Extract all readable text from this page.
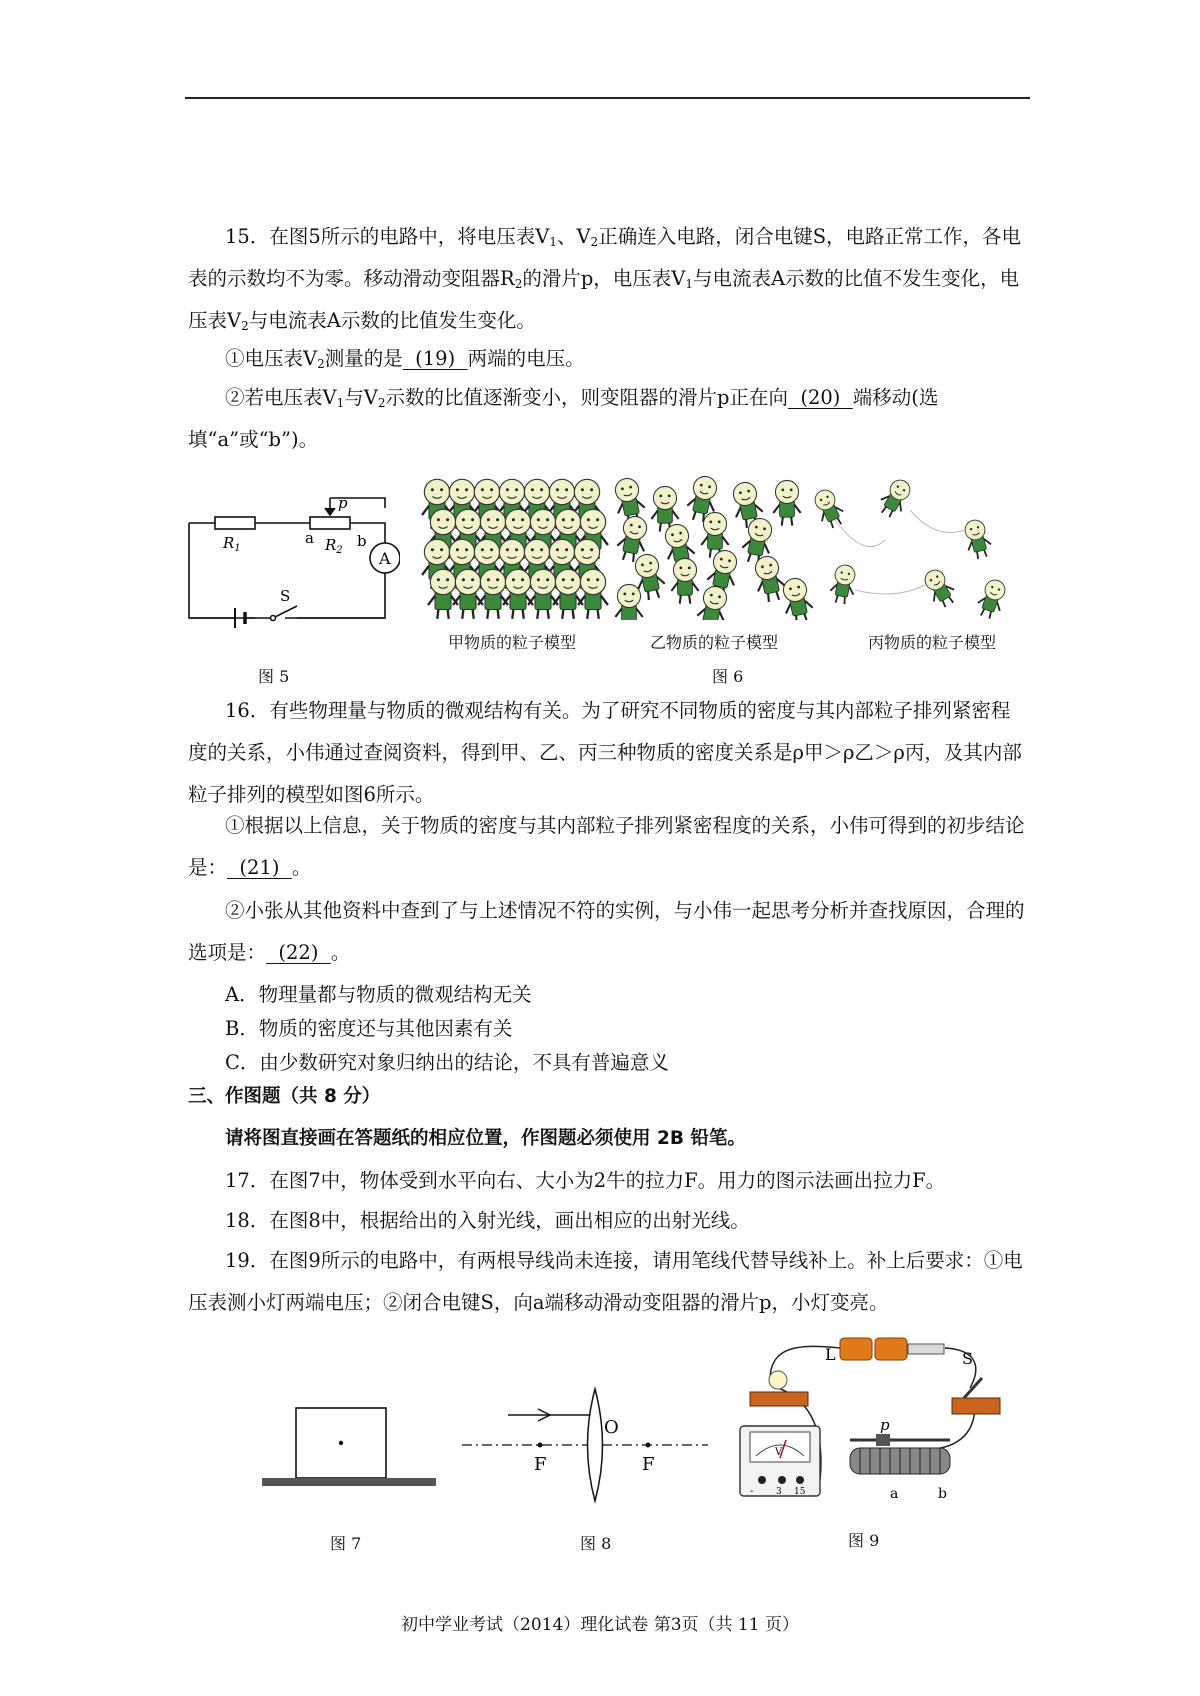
15．在图5所示的电路中，将电压表$V_1$、$V_2$正确连入电路，闭合电键S，电路正常工作，各电表的示数均不为零。移动滑动变阻器$R_2$的滑片p，电压表$V_1$与电流表A示数的比值不发生变化，电压表$V_2$与电流表A示数的比值发生变化。

①电压表$V_2$测量的是  (19)  两端的电压。

②若电压表$V_1$与$V_2$示数的比值逐渐变小，则变阻器的滑片p正在向  (20)  端移动(选填“a”或“b”)。

$R_1$	$R_2$
a	b
p
A
S
图 5
甲物质的粒子模型	乙物质的粒子模型	丙物质的粒子模型
图 6

16．有些物理量与物质的微观结构有关。为了研究不同物质的密度与其内部粒子排列紧密程度的关系，小伟通过查阅资料，得到甲、乙、丙三种物质的密度关系是ρ甲＞ρ乙＞ρ丙，及其内部粒子排列的模型如图6所示。

①根据以上信息，关于物质的密度与其内部粒子排列紧密程度的关系，小伟可得到的初步结论是：  (21)  。

②小张从其他资料中查到了与上述情况不符的实例，与小伟一起思考分析并查找原因，合理的选项是：  (22)  。

A．物理量都与物质的微观结构无关

B．物质的密度还与其他因素有关

C．由少数研究对象归纳出的结论，不具有普遍意义

三、作图题（共 8 分）

请将图直接画在答题纸的相应位置，作图题必须使用 2B 铅笔。

17．在图7中，物体受到水平向右、大小为2牛的拉力F。用力的图示法画出拉力F。

18．在图8中，根据给出的入射光线，画出相应的出射光线。

19．在图9所示的电路中，有两根导线尚未连接，请用笔线代替导线补上。补上后要求：①电压表测小灯两端电压；②闭合电键S，向a端移动滑动变阻器的滑片p，小灯变亮。

图 7
O
F	F
图 8
V
-	3 15
L	S
p
a	b
图 9
初中学业考试（2014）理化试卷 第3页（共 11 页）
